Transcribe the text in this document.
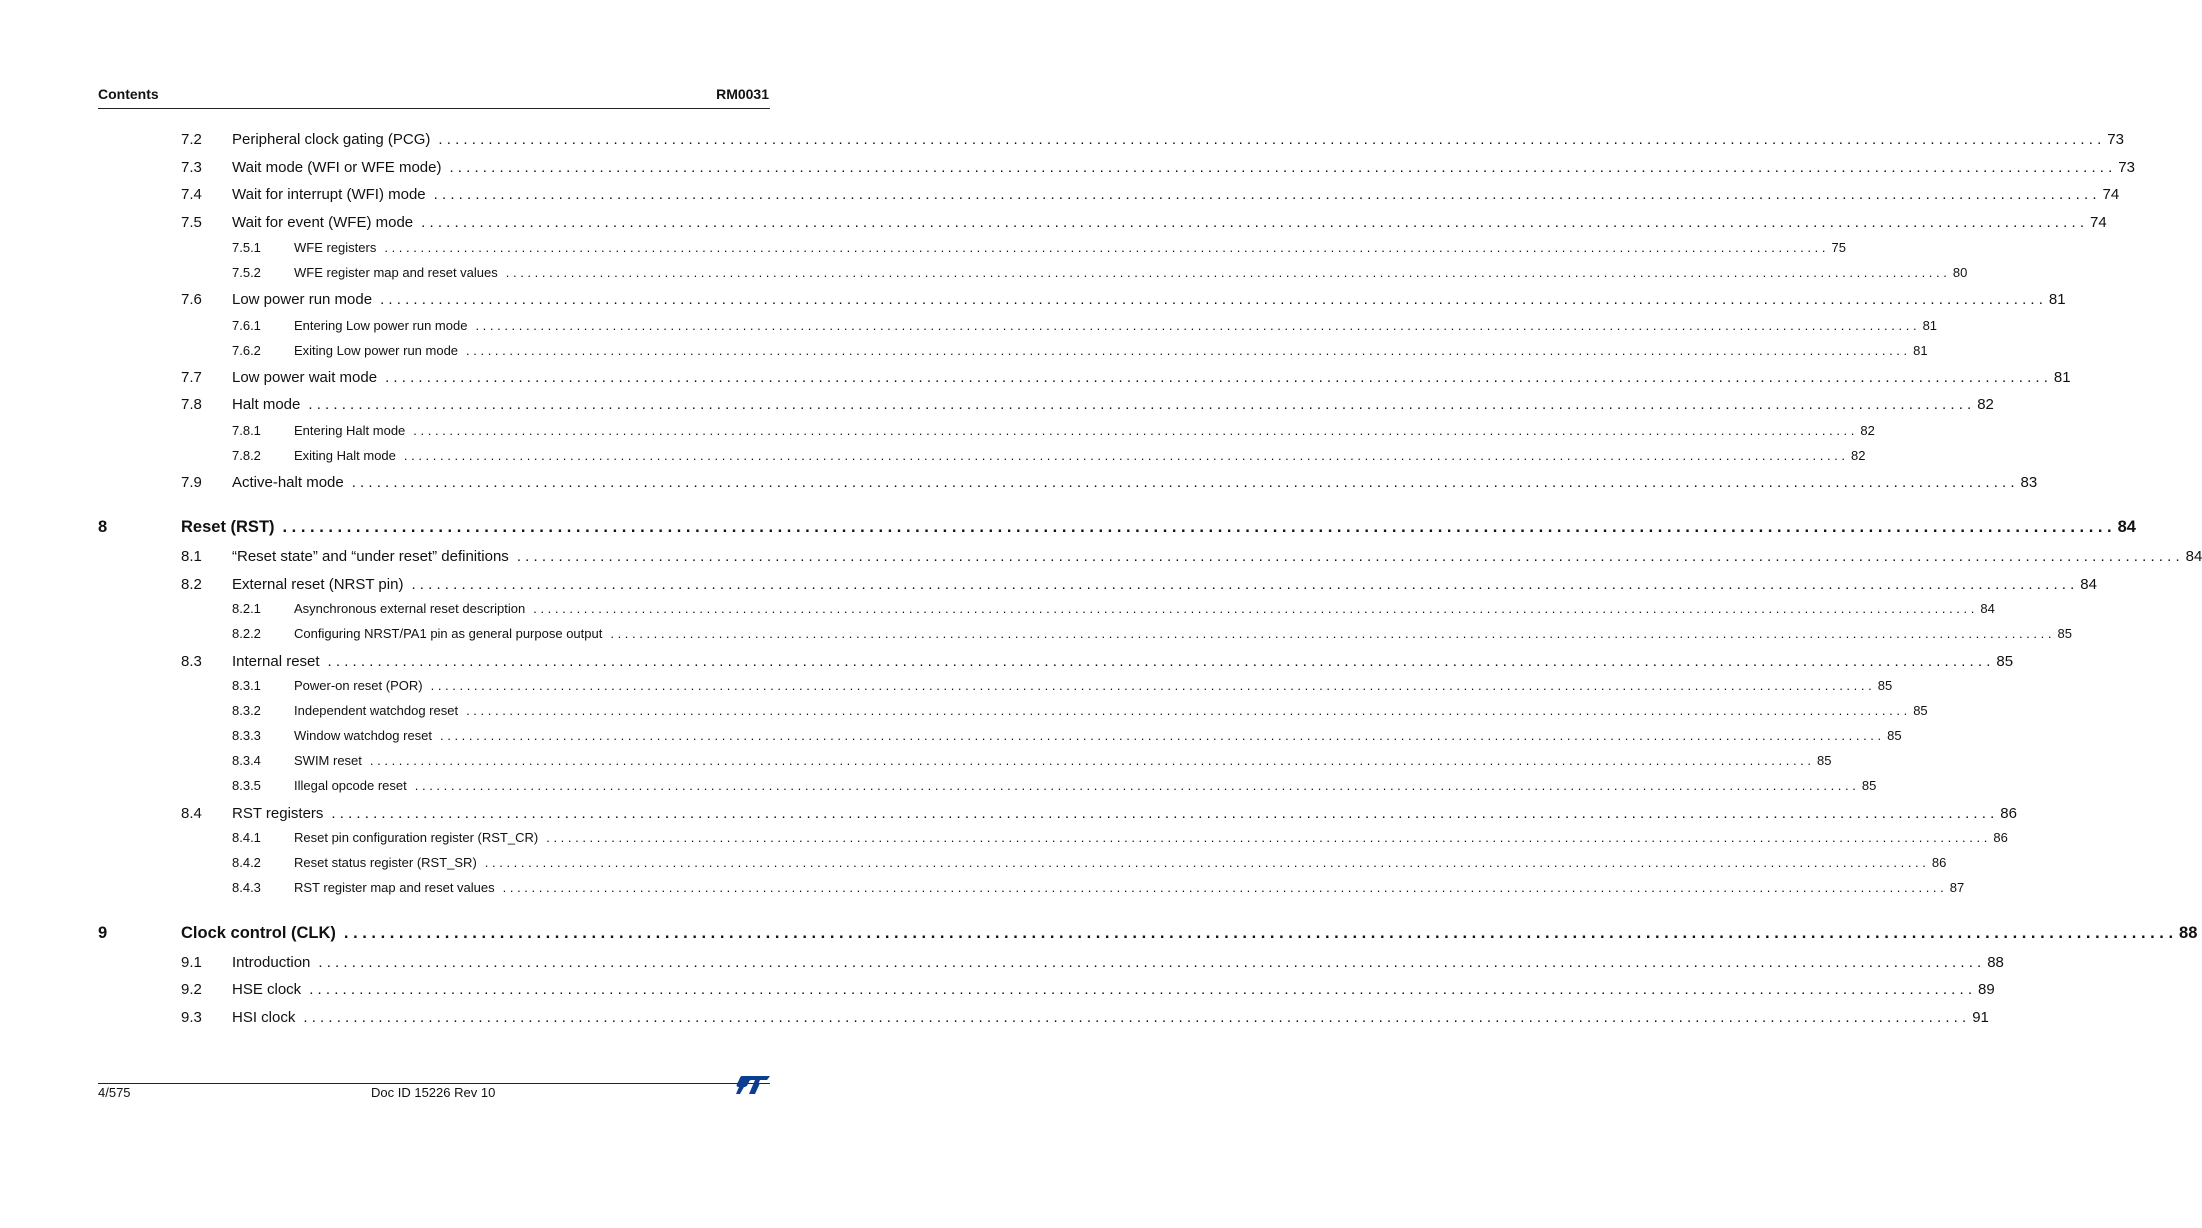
Contents	RM0031
7.2 Peripheral clock gating (PCG) . . . . . . . . . . . . . . . . . . . . . . . . . . . . . . . . . . . . . . . . . . . . . . . . . . . . . . . . . . . . . . . . . . . . . . . . . . . . . . . . . . . . . . . . . . . . . . . . . . . . . . . . . . . . . . . . . . . . . . . . . . . . . . . . . . . . . . . . . . . . . . . . . . . . . . . . . . . . . . . . . . . . . . . . . . . . . . . . . . . . . . . . . . . . . . . . . . . . . . . . 73
7.3 Wait mode (WFI or WFE mode) . . . . . . . . . . . . . . . . . . . . . . . . . . . . . . . . . . . . . . . . . . . . . . . . . . . . . . . . . . . . . . . . . . . . . . . . . . . . . . . . . . . . . . . . . . . . . . . . . . . . . . . . . . . . . . . . . . . . . . . . . . . . . . . . . . . . . . . . . . . . . . . . . . . . . . . . . . . . . . . . . . . . . . . . . . . . . . . . . . . . . . . . . . . . . . . . . . . . . . . . 73
7.4 Wait for interrupt (WFI) mode . . . . . . . . . . . . . . . . . . . . . . . . . . . . . . . . . . . . . . . . . . . . . . . . . . . . . . . . . . . . . . . . . . . . . . . . . . . . . . . . . . . . . . . . . . . . . . . . . . . . . . . . . . . . . . . . . . . . . . . . . . . . . . . . . . . . . . . . . . . . . . . . . . . . . . . . . . . . . . . . . . . . . . . . . . . . . . . . . . . . . . . . . . . . . . . . . . . . . . . . 74
7.5 Wait for event (WFE) mode . . . . . . . . . . . . . . . . . . . . . . . . . . . . . . . . . . . . . . . . . . . . . . . . . . . . . . . . . . . . . . . . . . . . . . . . . . . . . . . . . . . . . . . . . . . . . . . . . . . . . . . . . . . . . . . . . . . . . . . . . . . . . . . . . . . . . . . . . . . . . . . . . . . . . . . . . . . . . . . . . . . . . . . . . . . . . . . . . . . . . . . . . . . . . . . . . . . . . . . . 74
7.5.1	WFE registers . . . . . . . . . . . . . . . . . . . . . . . . . . . . . . . . . . . . . . . . . . . . . . . . . . . . . . . . . . . . . . . . . . . . . . . . . . . . . . . . . . . . . . . . . . . . . . . . . . . . . . . . . . . . . . . . . . . . . . . . . . . . . . . . . . . . . . . . . . . . . . . . . . . . . . . . . . . . . . . . . . . . . . . . . . . . . . . . . . . . . . . . . . . . . . . . . . . . . . . . 75
7.5.2	WFE register map and reset values . . . . . . . . . . . . . . . . . . . . . . . . . . . . . . . . . . . . . . . . . . . . . . . . . . . . . . . . . . . . . . . . . . . . . . . . . . . . . . . . . . . . . . . . . . . . . . . . . . . . . . . . . . . . . . . . . . . . . . . . . . . . . . . . . . . . . . . . . . . . . . . . . . . . . . . . . . . . . . . . . . . . . . . . . . . . . . . . . . . . . . . . . . . . . . . . . . . . . . . . 80
7.6 Low power run mode . . . . . . . . . . . . . . . . . . . . . . . . . . . . . . . . . . . . . . . . . . . . . . . . . . . . . . . . . . . . . . . . . . . . . . . . . . . . . . . . . . . . . . . . . . . . . . . . . . . . . . . . . . . . . . . . . . . . . . . . . . . . . . . . . . . . . . . . . . . . . . . . . . . . . . . . . . . . . . . . . . . . . . . . . . . . . . . . . . . . . . . . . . . . . . . . . . . . . . . . 81
7.6.1	Entering Low power run mode . . . . . . . . . . . . . . . . . . . . . . . . . . . . . . . . . . . . . . . . . . . . . . . . . . . . . . . . . . . . . . . . . . . . . . . . . . . . . . . . . . . . . . . . . . . . . . . . . . . . . . . . . . . . . . . . . . . . . . . . . . . . . . . . . . . . . . . . . . . . . . . . . . . . . . . . . . . . . . . . . . . . . . . . . . . . . . . . . . . . . . . . . . . . . . . . . . . . . . . . 81
7.6.2	Exiting Low power run mode . . . . . . . . . . . . . . . . . . . . . . . . . . . . . . . . . . . . . . . . . . . . . . . . . . . . . . . . . . . . . . . . . . . . . . . . . . . . . . . . . . . . . . . . . . . . . . . . . . . . . . . . . . . . . . . . . . . . . . . . . . . . . . . . . . . . . . . . . . . . . . . . . . . . . . . . . . . . . . . . . . . . . . . . . . . . . . . . . . . . . . . . . . . . . . . . . . . . . . . . 81
7.7 Low power wait mode . . . . . . . . . . . . . . . . . . . . . . . . . . . . . . . . . . . . . . . . . . . . . . . . . . . . . . . . . . . . . . . . . . . . . . . . . . . . . . . . . . . . . . . . . . . . . . . . . . . . . . . . . . . . . . . . . . . . . . . . . . . . . . . . . . . . . . . . . . . . . . . . . . . . . . . . . . . . . . . . . . . . . . . . . . . . . . . . . . . . . . . . . . . . . . . . . . . . . . . . 81
7.8 Halt mode . . . . . . . . . . . . . . . . . . . . . . . . . . . . . . . . . . . . . . . . . . . . . . . . . . . . . . . . . . . . . . . . . . . . . . . . . . . . . . . . . . . . . . . . . . . . . . . . . . . . . . . . . . . . . . . . . . . . . . . . . . . . . . . . . . . . . . . . . . . . . . . . . . . . . . . . . . . . . . . . . . . . . . . . . . . . . . . . . . . . . . . . . . . . . . . . . . . . . . . . 82
7.8.1	Entering Halt mode . . . . . . . . . . . . . . . . . . . . . . . . . . . . . . . . . . . . . . . . . . . . . . . . . . . . . . . . . . . . . . . . . . . . . . . . . . . . . . . . . . . . . . . . . . . . . . . . . . . . . . . . . . . . . . . . . . . . . . . . . . . . . . . . . . . . . . . . . . . . . . . . . . . . . . . . . . . . . . . . . . . . . . . . . . . . . . . . . . . . . . . . . . . . . . . . . . . . . . . . 82
7.8.2	Exiting Halt mode . . . . . . . . . . . . . . . . . . . . . . . . . . . . . . . . . . . . . . . . . . . . . . . . . . . . . . . . . . . . . . . . . . . . . . . . . . . . . . . . . . . . . . . . . . . . . . . . . . . . . . . . . . . . . . . . . . . . . . . . . . . . . . . . . . . . . . . . . . . . . . . . . . . . . . . . . . . . . . . . . . . . . . . . . . . . . . . . . . . . . . . . . . . . . . . . . . . . . . . . 82
7.9 Active-halt mode . . . . . . . . . . . . . . . . . . . . . . . . . . . . . . . . . . . . . . . . . . . . . . . . . . . . . . . . . . . . . . . . . . . . . . . . . . . . . . . . . . . . . . . . . . . . . . . . . . . . . . . . . . . . . . . . . . . . . . . . . . . . . . . . . . . . . . . . . . . . . . . . . . . . . . . . . . . . . . . . . . . . . . . . . . . . . . . . . . . . . . . . . . . . . . . . . . . . . . . . 83
8	Reset (RST) . . . . . . . . . . . . . . . . . . . . . . . . . . . . . . . . . . . . . . . . . . . . . . . . . . . . . . . . . . . . . . . . . . . . . . . . . . . . . . . . . . . . . . . . . . . . . . . . . . . . . . . . . . . . . . . . . . . . . . . . . . . . . . . . . . . . . . . . . . . . . . . . . . . . . . . . . . . . . . . . . . . . . . . . . . . . . . . . . . . . . . . . . . . . . . . . . . . . . . . . 84
8.1 “Reset state” and “under reset” definitions . . . . . . . . . . . . . . . . . . . . . . . . . . . . . . . . . . . . . . . . . . . . . . . . . . . . . . . . . . . . . . . . . . . . . . . . . . . . . . . . . . . . . . . . . . . . . . . . . . . . . . . . . . . . . . . . . . . . . . . . . . . . . . . . . . . . . . . . . . . . . . . . . . . . . . . . . . . . . . . . . . . . . . . . . . . . . . . . . . . . . . . . . . . . . . . . . . . . . . . . 84
8.2 External reset (NRST pin) . . . . . . . . . . . . . . . . . . . . . . . . . . . . . . . . . . . . . . . . . . . . . . . . . . . . . . . . . . . . . . . . . . . . . . . . . . . . . . . . . . . . . . . . . . . . . . . . . . . . . . . . . . . . . . . . . . . . . . . . . . . . . . . . . . . . . . . . . . . . . . . . . . . . . . . . . . . . . . . . . . . . . . . . . . . . . . . . . . . . . . . . . . . . . . . . . . . . . . . . 84
8.2.1	Asynchronous external reset description . . . . . . . . . . . . . . . . . . . . . . . . . . . . . . . . . . . . . . . . . . . . . . . . . . . . . . . . . . . . . . . . . . . . . . . . . . . . . . . . . . . . . . . . . . . . . . . . . . . . . . . . . . . . . . . . . . . . . . . . . . . . . . . . . . . . . . . . . . . . . . . . . . . . . . . . . . . . . . . . . . . . . . . . . . . . . . . . . . . . . . . . . . . . . . . . . . . . . . . . 84
8.2.2	Configuring NRST/PA1 pin as general purpose output . . . . . . . . . . . . . . . . . . . . . . . . . . . . . . . . . . . . . . . . . . . . . . . . . . . . . . . . . . . . . . . . . . . . . . . . . . . . . . . . . . . . . . . . . . . . . . . . . . . . . . . . . . . . . . . . . . . . . . . . . . . . . . . . . . . . . . . . . . . . . . . . . . . . . . . . . . . . . . . . . . . . . . . . . . . . . . . . . . . . . . . . . . . . . . . . . . . . . . . . 85
8.3 Internal reset . . . . . . . . . . . . . . . . . . . . . . . . . . . . . . . . . . . . . . . . . . . . . . . . . . . . . . . . . . . . . . . . . . . . . . . . . . . . . . . . . . . . . . . . . . . . . . . . . . . . . . . . . . . . . . . . . . . . . . . . . . . . . . . . . . . . . . . . . . . . . . . . . . . . . . . . . . . . . . . . . . . . . . . . . . . . . . . . . . . . . . . . . . . . . . . . . . . . . . . . 85
8.3.1	Power-on reset (POR) . . . . . . . . . . . . . . . . . . . . . . . . . . . . . . . . . . . . . . . . . . . . . . . . . . . . . . . . . . . . . . . . . . . . . . . . . . . . . . . . . . . . . . . . . . . . . . . . . . . . . . . . . . . . . . . . . . . . . . . . . . . . . . . . . . . . . . . . . . . . . . . . . . . . . . . . . . . . . . . . . . . . . . . . . . . . . . . . . . . . . . . . . . . . . . . . . . . . . . . . 85
8.3.2	Independent watchdog reset . . . . . . . . . . . . . . . . . . . . . . . . . . . . . . . . . . . . . . . . . . . . . . . . . . . . . . . . . . . . . . . . . . . . . . . . . . . . . . . . . . . . . . . . . . . . . . . . . . . . . . . . . . . . . . . . . . . . . . . . . . . . . . . . . . . . . . . . . . . . . . . . . . . . . . . . . . . . . . . . . . . . . . . . . . . . . . . . . . . . . . . . . . . . . . . . . . . . . . . . 85
8.3.3	Window watchdog reset . . . . . . . . . . . . . . . . . . . . . . . . . . . . . . . . . . . . . . . . . . . . . . . . . . . . . . . . . . . . . . . . . . . . . . . . . . . . . . . . . . . . . . . . . . . . . . . . . . . . . . . . . . . . . . . . . . . . . . . . . . . . . . . . . . . . . . . . . . . . . . . . . . . . . . . . . . . . . . . . . . . . . . . . . . . . . . . . . . . . . . . . . . . . . . . . . . . . . . . . 85
8.3.4	SWIM reset . . . . . . . . . . . . . . . . . . . . . . . . . . . . . . . . . . . . . . . . . . . . . . . . . . . . . . . . . . . . . . . . . . . . . . . . . . . . . . . . . . . . . . . . . . . . . . . . . . . . . . . . . . . . . . . . . . . . . . . . . . . . . . . . . . . . . . . . . . . . . . . . . . . . . . . . . . . . . . . . . . . . . . . . . . . . . . . . . . . . . . . . . . . . . . . . . . . . . . . . 85
8.3.5	Illegal opcode reset . . . . . . . . . . . . . . . . . . . . . . . . . . . . . . . . . . . . . . . . . . . . . . . . . . . . . . . . . . . . . . . . . . . . . . . . . . . . . . . . . . . . . . . . . . . . . . . . . . . . . . . . . . . . . . . . . . . . . . . . . . . . . . . . . . . . . . . . . . . . . . . . . . . . . . . . . . . . . . . . . . . . . . . . . . . . . . . . . . . . . . . . . . . . . . . . . . . . . . . . 85
8.4 RST registers . . . . . . . . . . . . . . . . . . . . . . . . . . . . . . . . . . . . . . . . . . . . . . . . . . . . . . . . . . . . . . . . . . . . . . . . . . . . . . . . . . . . . . . . . . . . . . . . . . . . . . . . . . . . . . . . . . . . . . . . . . . . . . . . . . . . . . . . . . . . . . . . . . . . . . . . . . . . . . . . . . . . . . . . . . . . . . . . . . . . . . . . . . . . . . . . . . . . . . . . 86
8.4.1	Reset pin configuration register (RST_CR) . . . . . . . . . . . . . . . . . . . . . . . . . . . . . . . . . . . . . . . . . . . . . . . . . . . . . . . . . . . . . . . . . . . . . . . . . . . . . . . . . . . . . . . . . . . . . . . . . . . . . . . . . . . . . . . . . . . . . . . . . . . . . . . . . . . . . . . . . . . . . . . . . . . . . . . . . . . . . . . . . . . . . . . . . . . . . . . . . . . . . . . . . . . . . . . . . . . . . . . . 86
8.4.2	Reset status register (RST_SR) . . . . . . . . . . . . . . . . . . . . . . . . . . . . . . . . . . . . . . . . . . . . . . . . . . . . . . . . . . . . . . . . . . . . . . . . . . . . . . . . . . . . . . . . . . . . . . . . . . . . . . . . . . . . . . . . . . . . . . . . . . . . . . . . . . . . . . . . . . . . . . . . . . . . . . . . . . . . . . . . . . . . . . . . . . . . . . . . . . . . . . . . . . . . . . . . . . . . . . . . 86
8.4.3	RST register map and reset values . . . . . . . . . . . . . . . . . . . . . . . . . . . . . . . . . . . . . . . . . . . . . . . . . . . . . . . . . . . . . . . . . . . . . . . . . . . . . . . . . . . . . . . . . . . . . . . . . . . . . . . . . . . . . . . . . . . . . . . . . . . . . . . . . . . . . . . . . . . . . . . . . . . . . . . . . . . . . . . . . . . . . . . . . . . . . . . . . . . . . . . . . . . . . . . . . . . . . . . . 87
9	Clock control (CLK) . . . . . . . . . . . . . . . . . . . . . . . . . . . . . . . . . . . . . . . . . . . . . . . . . . . . . . . . . . . . . . . . . . . . . . . . . . . . . . . . . . . . . . . . . . . . . . . . . . . . . . . . . . . . . . . . . . . . . . . . . . . . . . . . . . . . . . . . . . . . . . . . . . . . . . . . . . . . . . . . . . . . . . . . . . . . . . . . . . . . . . . . . . . . . . . . . . . . . . . . 88
9.1 Introduction . . . . . . . . . . . . . . . . . . . . . . . . . . . . . . . . . . . . . . . . . . . . . . . . . . . . . . . . . . . . . . . . . . . . . . . . . . . . . . . . . . . . . . . . . . . . . . . . . . . . . . . . . . . . . . . . . . . . . . . . . . . . . . . . . . . . . . . . . . . . . . . . . . . . . . . . . . . . . . . . . . . . . . . . . . . . . . . . . . . . . . . . . . . . . . . . . . . . . . . . 88
9.2 HSE clock . . . . . . . . . . . . . . . . . . . . . . . . . . . . . . . . . . . . . . . . . . . . . . . . . . . . . . . . . . . . . . . . . . . . . . . . . . . . . . . . . . . . . . . . . . . . . . . . . . . . . . . . . . . . . . . . . . . . . . . . . . . . . . . . . . . . . . . . . . . . . . . . . . . . . . . . . . . . . . . . . . . . . . . . . . . . . . . . . . . . . . . . . . . . . . . . . . . . . . . . 89
9.3 HSI clock . . . . . . . . . . . . . . . . . . . . . . . . . . . . . . . . . . . . . . . . . . . . . . . . . . . . . . . . . . . . . . . . . . . . . . . . . . . . . . . . . . . . . . . . . . . . . . . . . . . . . . . . . . . . . . . . . . . . . . . . . . . . . . . . . . . . . . . . . . . . . . . . . . . . . . . . . . . . . . . . . . . . . . . . . . . . . . . . . . . . . . . . . . . . . . . . . . . . . . . . 91
4/575	Doc ID 15226 Rev 10
